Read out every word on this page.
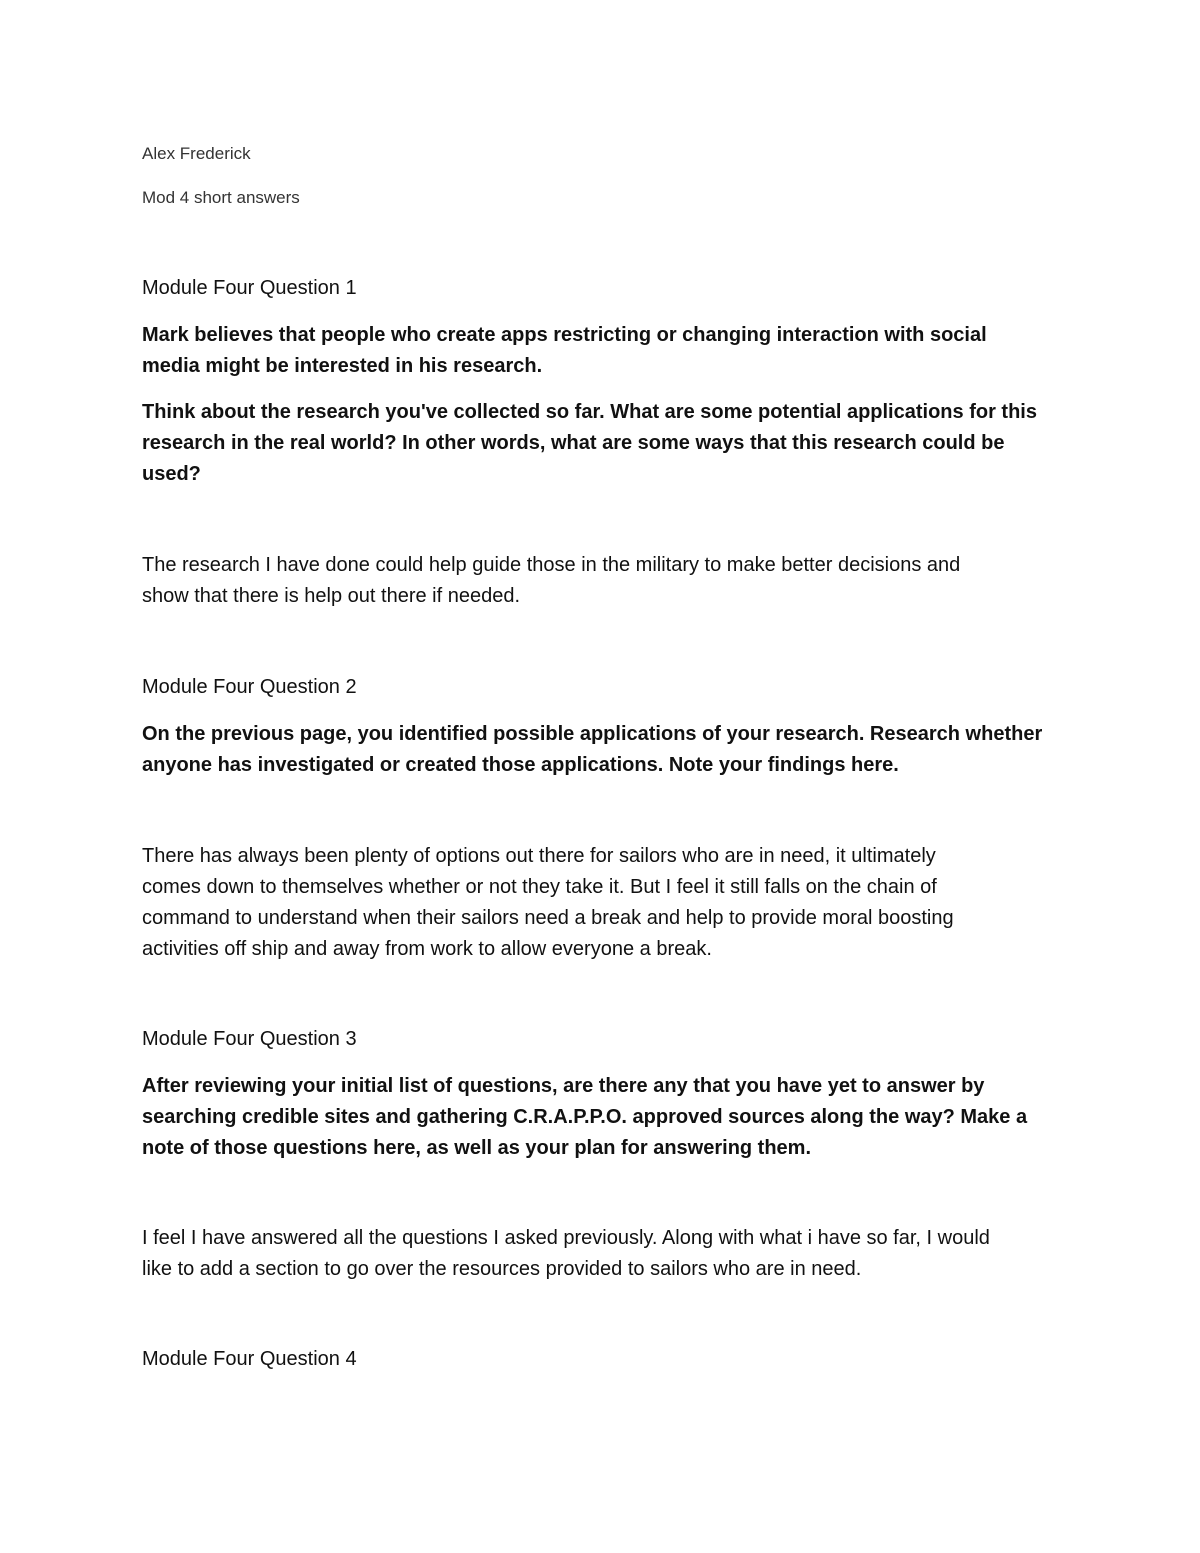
Alex Frederick

Mod 4 short answers

Module Four Question 1

Mark believes that people who create apps restricting or changing interaction with social
media might be interested in his research.
Think about the research you've collected so far. What are some potential applications for this
research in the real world? In other words, what are some ways that this research could be
used?
The research I have done could help guide those in the military to make better decisions and
show that there is help out there if needed.

Module Four Question 2

On the previous page, you identified possible applications of your research. Research whether
anyone has investigated or created those applications. Note your findings here.
There has always been plenty of options out there for sailors who are in need, it ultimately
comes down to themselves whether or not they take it. But I feel it still falls on the chain of
command to understand when their sailors need a break and help to provide moral boosting
activities off ship and away from work to allow everyone a break.

Module Four Question 3

After reviewing your initial list of questions, are there any that you have yet to answer by
searching credible sites and gathering C.R.A.P.P.O. approved sources along the way? Make a
note of those questions here, as well as your plan for answering them.
I feel I have answered all the questions I asked previously. Along with what i have so far, I would
like to add a section to go over the resources provided to sailors who are in need.

Module Four Question 4
